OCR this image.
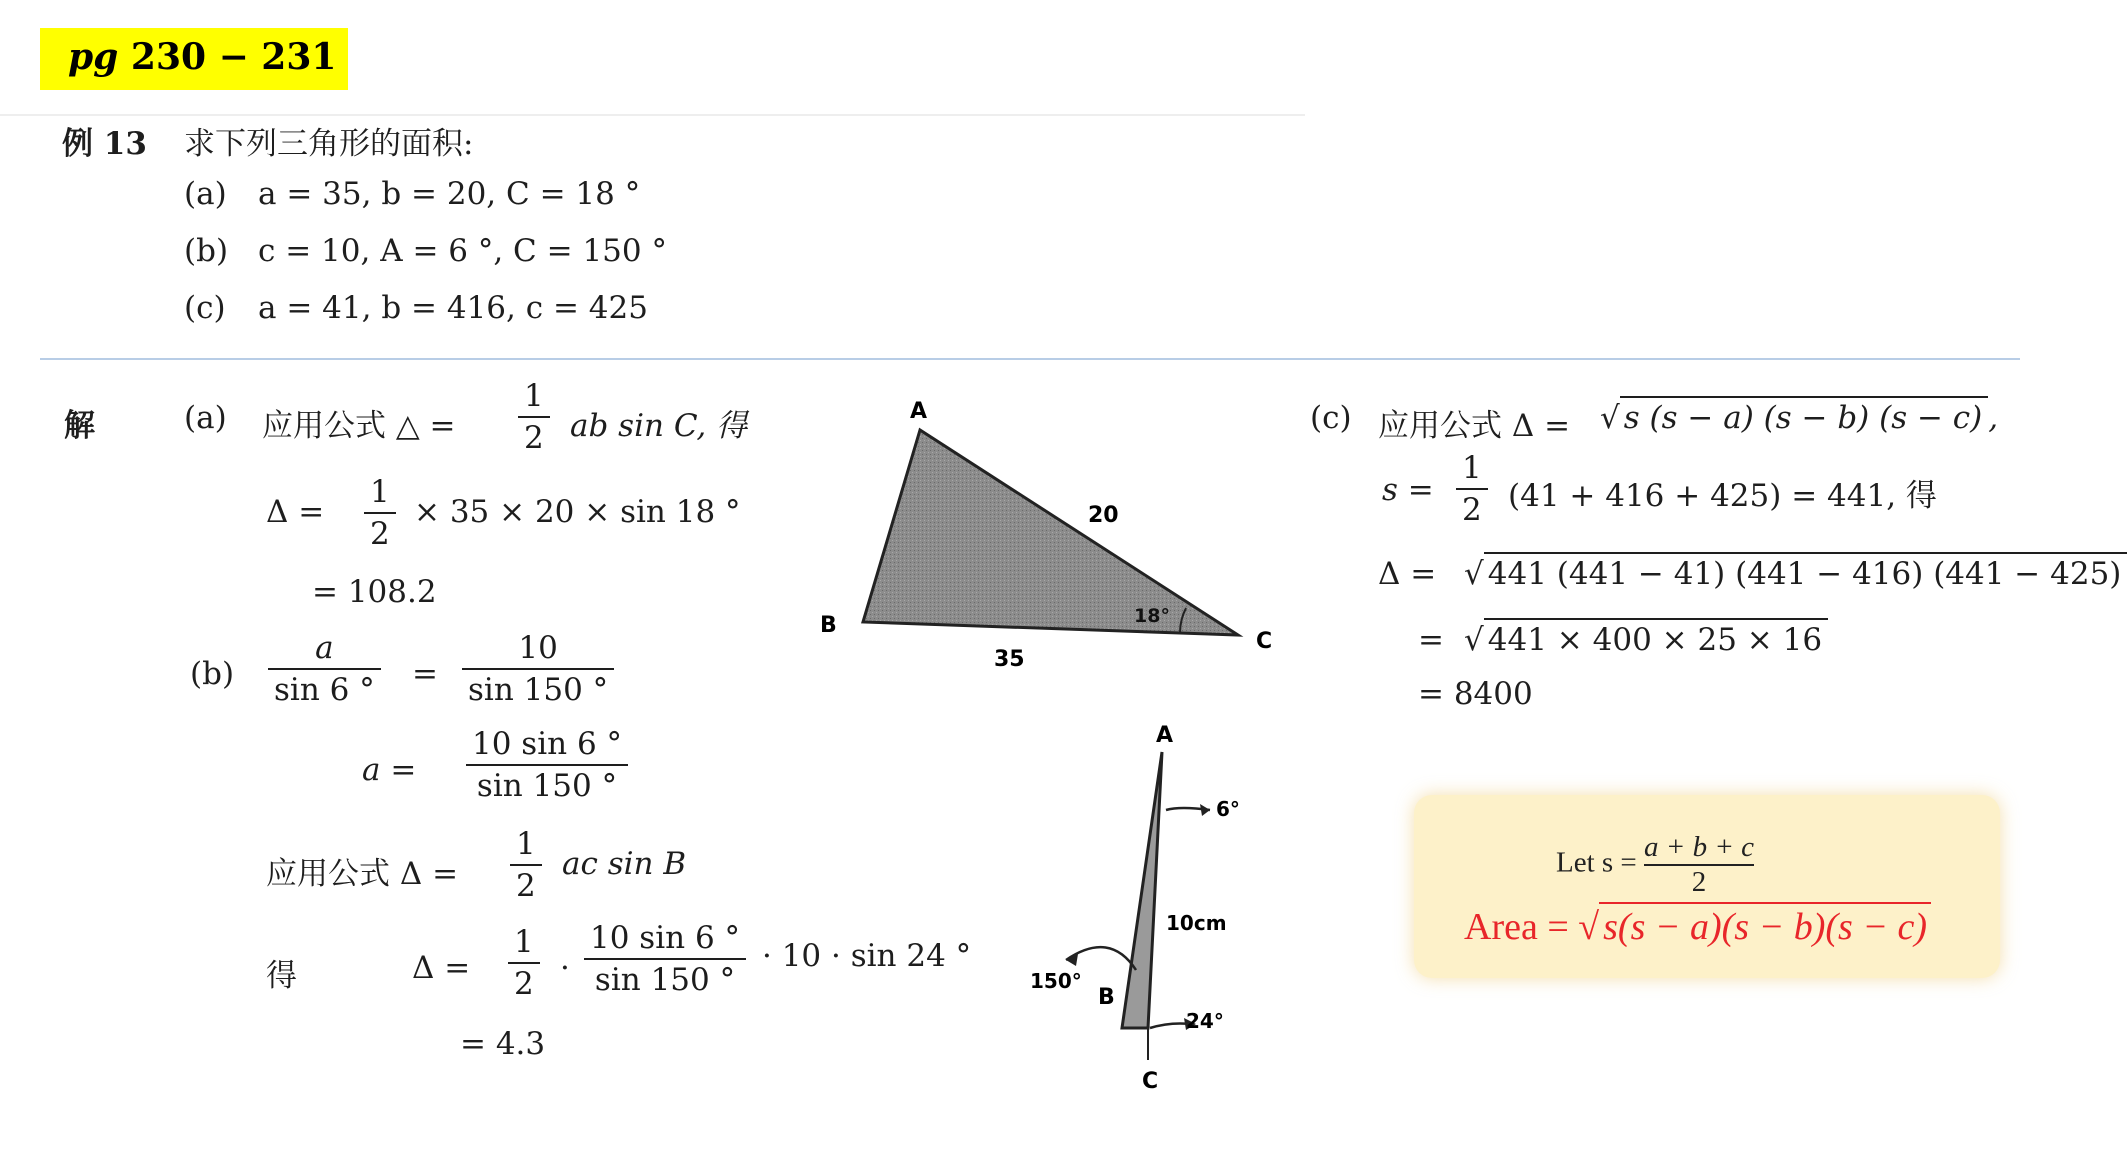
pg 230 − 231
例 13 求下列三角形的面积:
(a) a = 35, b = 20, C = 18 °
(b) c = 10, A = 6 °, C = 150 °
(c) a = 41, b = 416, c = 425
解	(a) 应用公式 △ =
1
2 ab sin C, 得
Δ =
1
2
× 35 × 20 × sin 18 °
= 108.2
(b)
a
sin 6 ° =
10
sin 150 °
a =
10 sin 6 °
sin 150 °
应用公式 Δ =
1
2
ac sin B
得	Δ =
1
2 ·
10 sin 6 °
sin 150 °
· 10 · sin 24 °
= 4.3
A
B
C
20
35
18°
A
B
C
6°
10cm
150°
24°
(c) 应用公式 Δ = √ s (s − a) (s − b) (s − c) ,
s =
1
2 (41 + 416 + 425) = 441, 得
Δ = √ 441 (441 − 41) (441 − 416) (441 − 425)
= √ 441 × 400 × 25 × 16
= 8400
Let $s = \frac{a + b + c}{2}$
Area = √ s(s − a)(s − b)(s − c)
